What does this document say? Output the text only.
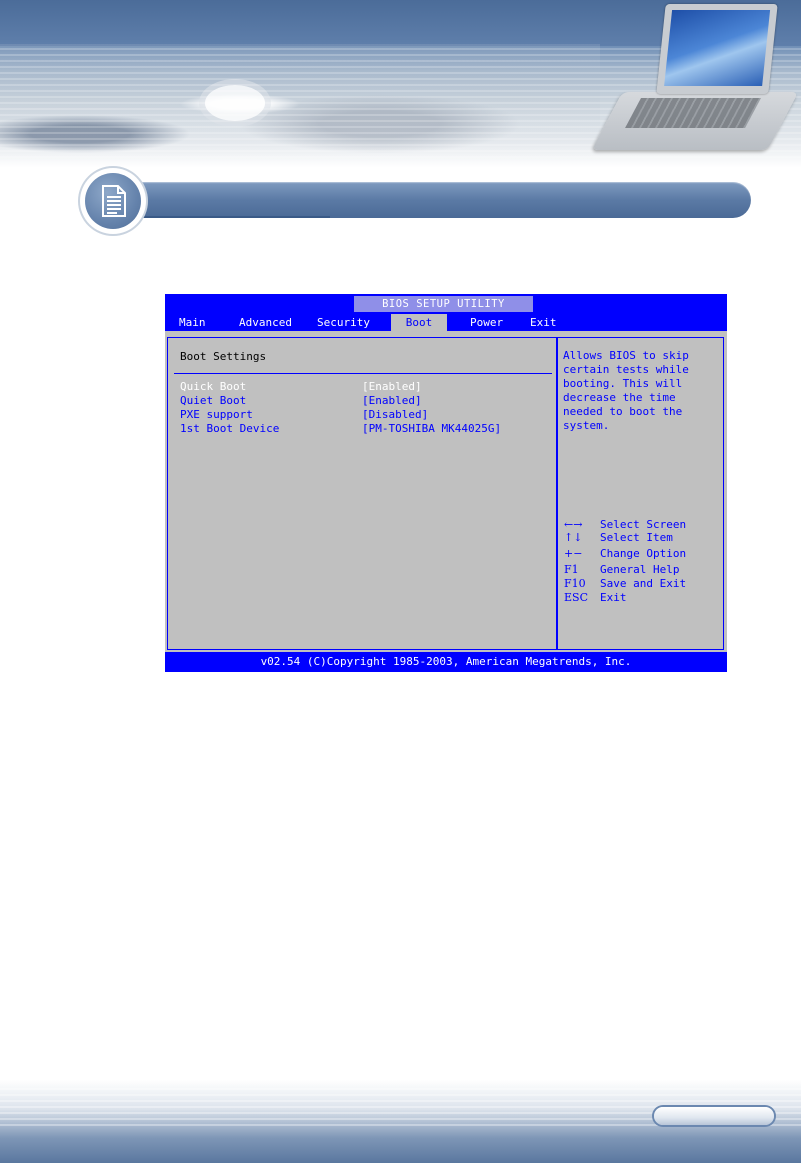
BIOS SETUP UTILITY
Main	Advanced	Security	Boot	Power	Exit
Boot Settings
Quick Boot	[Enabled]
Quiet Boot	[Enabled]
PXE support	[Disabled]
1st Boot Device	[PM-TOSHIBA MK44025G]
Allows BIOS to skip
certain tests while
booting. This will
decrease the time
needed to boot the
system.
←→	Select Screen
↑↓	Select Item
+−	Change Option
F1	General Help
F10	Save and Exit
ESC	Exit
v02.54 (C)Copyright 1985-2003, American Megatrends, Inc.
